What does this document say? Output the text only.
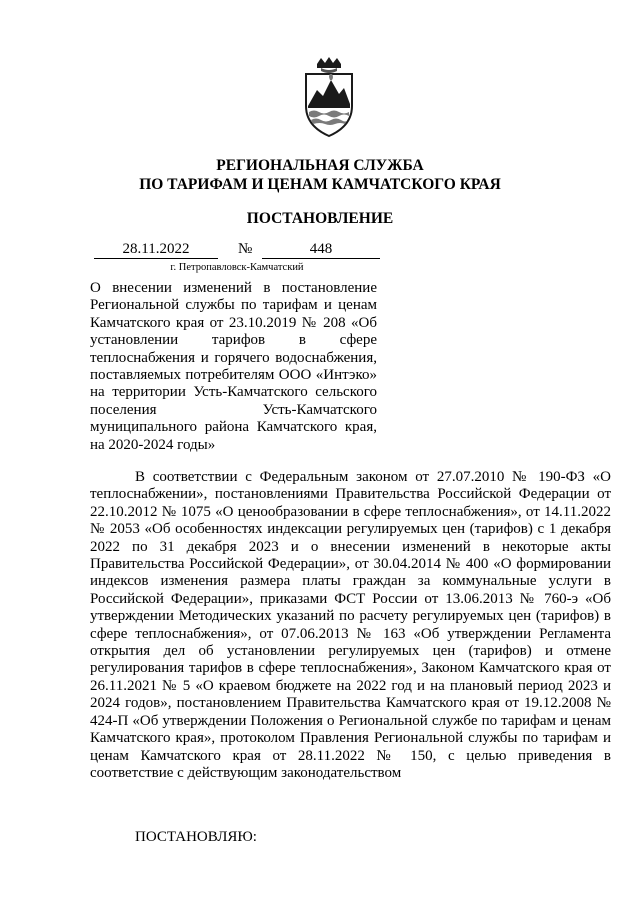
РЕГИОНАЛЬНАЯ СЛУЖБА
ПО ТАРИФАМ И ЦЕНАМ КАМЧАТСКОГО КРАЯ
ПОСТАНОВЛЕНИЕ
28.11.2022	№	448
г. Петропавловск-Камчатский
О внесении изменений в постановление Региональной службы по тарифам и ценам Камчатского края от 23.10.2019 № 208 «Об установлении тарифов в сфере теплоснабжения и горячего водоснабжения, поставляемых потребителям ООО «Интэко» на территории Усть-Камчатского сельского поселения Усть-Камчатского муниципального района Камчатского края, на 2020-2024 годы»
В соответствии с Федеральным законом от 27.07.2010 № 190-ФЗ «О теплоснабжении», постановлениями Правительства Российской Федерации от 22.10.2012 № 1075 «О ценообразовании в сфере теплоснабжения», от 14.11.2022 № 2053 «Об особенностях индексации регулируемых цен (тарифов) с 1 декабря 2022 по 31 декабря 2023 и о внесении изменений в некоторые акты Правительства Российской Федерации», от 30.04.2014 № 400 «О формировании индексов изменения размера платы граждан за коммунальные услуги в Российской Федерации», приказами ФСТ России от 13.06.2013 № 760-э «Об утверждении Методических указаний по расчету регулируемых цен (тарифов) в сфере теплоснабжения», от 07.06.2013 № 163 «Об утверждении Регламента открытия дел об установлении регулируемых цен (тарифов) и отмене регулирования тарифов в сфере теплоснабжения», Законом Камчатского края от 26.11.2021 № 5 «О краевом бюджете на 2022 год и на плановый период 2023 и 2024 годов», постановлением Правительства Камчатского края от 19.12.2008 № 424-П «Об утверждении Положения о Региональной службе по тарифам и ценам Камчатского края», протоколом Правления Региональной службы по тарифам и ценам Камчатского края от 28.11.2022 № 150, с целью приведения в соответствие с действующим законодательством
ПОСТАНОВЛЯЮ:
